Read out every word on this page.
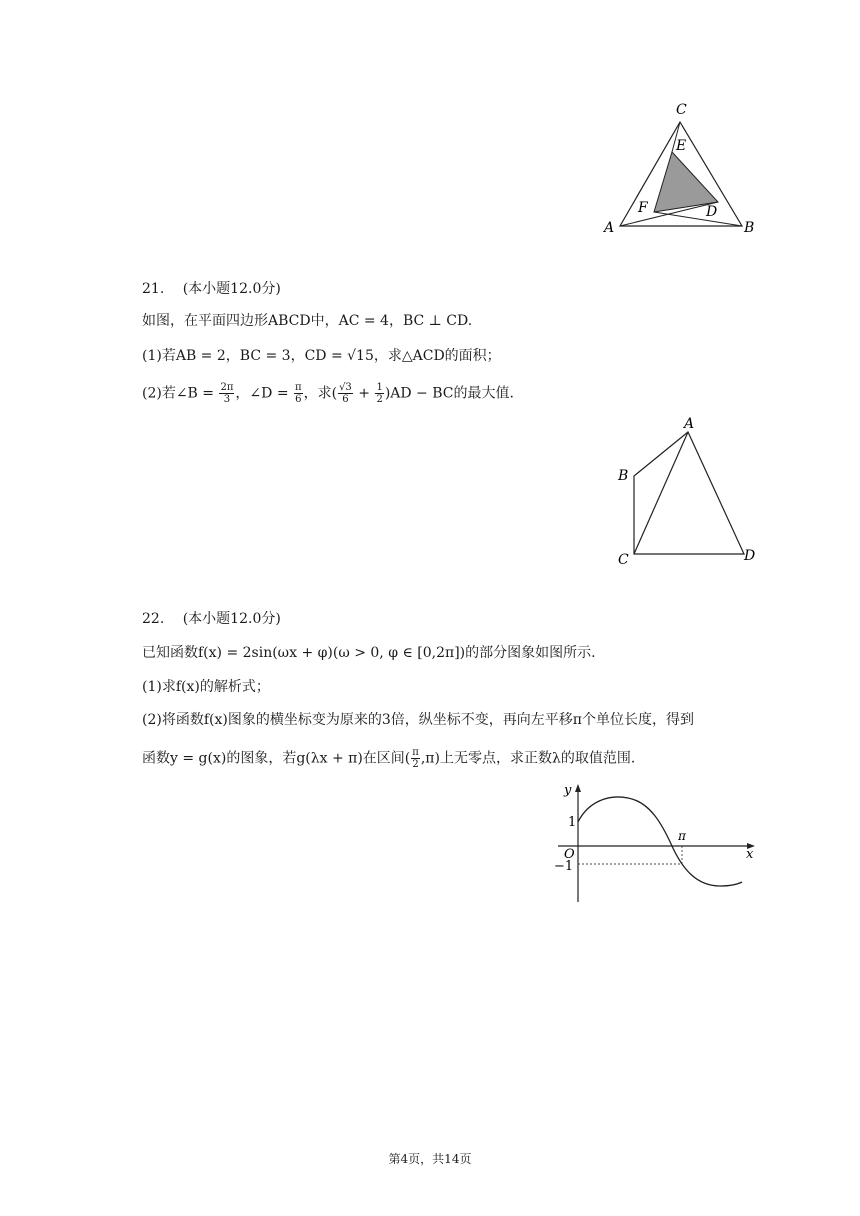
C
E
F	D
A	B
21. (本小题12.0分)
如图，在平面四边形ABCD中，AC = 4，BC ⊥ CD.
(1)若AB = 2，BC = 3，CD = √15，求△ACD的面积；
(2)若∠B = $\frac{2\pi}{3}$ ，∠D = $\frac{\pi}{6}$ ，求( $\frac{√3}{6} + \frac{1}{2} )AD$ − BC的最大值.
A
B
C	D
22. (本小题12.0分)
已知函数f(x) = 2sin(ωx + φ)(ω > 0, φ ∈ [0,2π])的部分图象如图所示.
(1)求f(x)的解析式；
(2)将函数f(x)图象的横坐标变为原来的3倍，纵坐标不变，再向左平移π个单位长度，得到
函数y = g(x)的图象，若g(λx + π)在区间( $\frac{\pi}{2} ,\pi$)上无零点，求正数λ的取值范围.
y
1
O
−1
π
x
第4页，共14页
